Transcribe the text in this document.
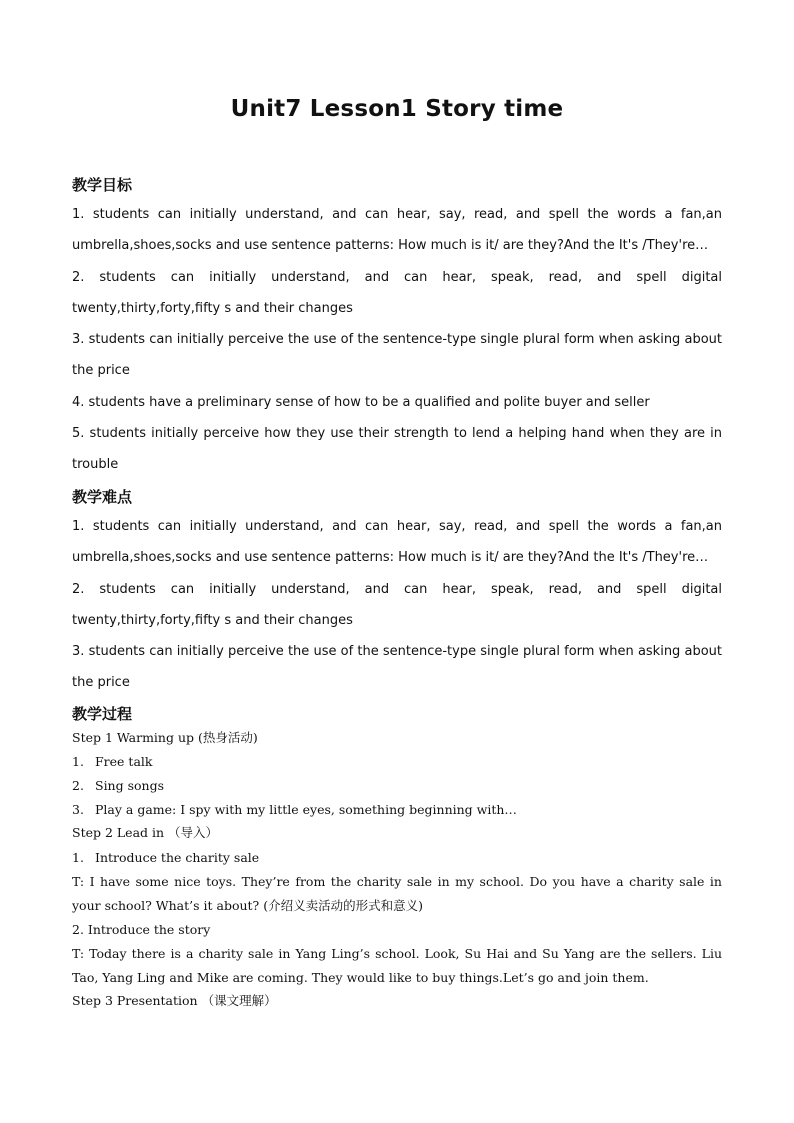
Unit7 Lesson1 Story time
教学目标
1. students can initially understand, and can hear, say, read, and spell the words a fan,an
umbrella,shoes,socks and use sentence patterns: How much is it/ are they?And the It's /They're…
2. students can initially understand, and can hear, speak, read, and spell digital
twenty,thirty,forty,fifty s and their changes
3. students can initially perceive the use of the sentence-type single plural form when asking about
the price
4. students have a preliminary sense of how to be a qualified and polite buyer and seller
5. students initially perceive how they use their strength to lend a helping hand when they are in
trouble
教学难点
1. students can initially understand, and can hear, say, read, and spell the words a fan,an
umbrella,shoes,socks and use sentence patterns: How much is it/ are they?And the It's /They're…
2. students can initially understand, and can hear, speak, read, and spell digital
twenty,thirty,forty,fifty s and their changes
3. students can initially perceive the use of the sentence-type single plural form when asking about
the price
教学过程
Step 1 Warming up (热身活动)
1. Free talk
2. Sing songs
3. Play a game: I spy with my little eyes, something beginning with…
Step 2 Lead in （导入）
1. Introduce the charity sale
T: I have some nice toys. They’re from the charity sale in my school. Do you have a charity sale in
your school? What’s it about? (介绍义卖活动的形式和意义)
2. Introduce the story
T: Today there is a charity sale in Yang Ling’s school. Look, Su Hai and Su Yang are the sellers. Liu
Tao, Yang Ling and Mike are coming. They would like to buy things.Let’s go and join them.
Step 3 Presentation （课文理解）
